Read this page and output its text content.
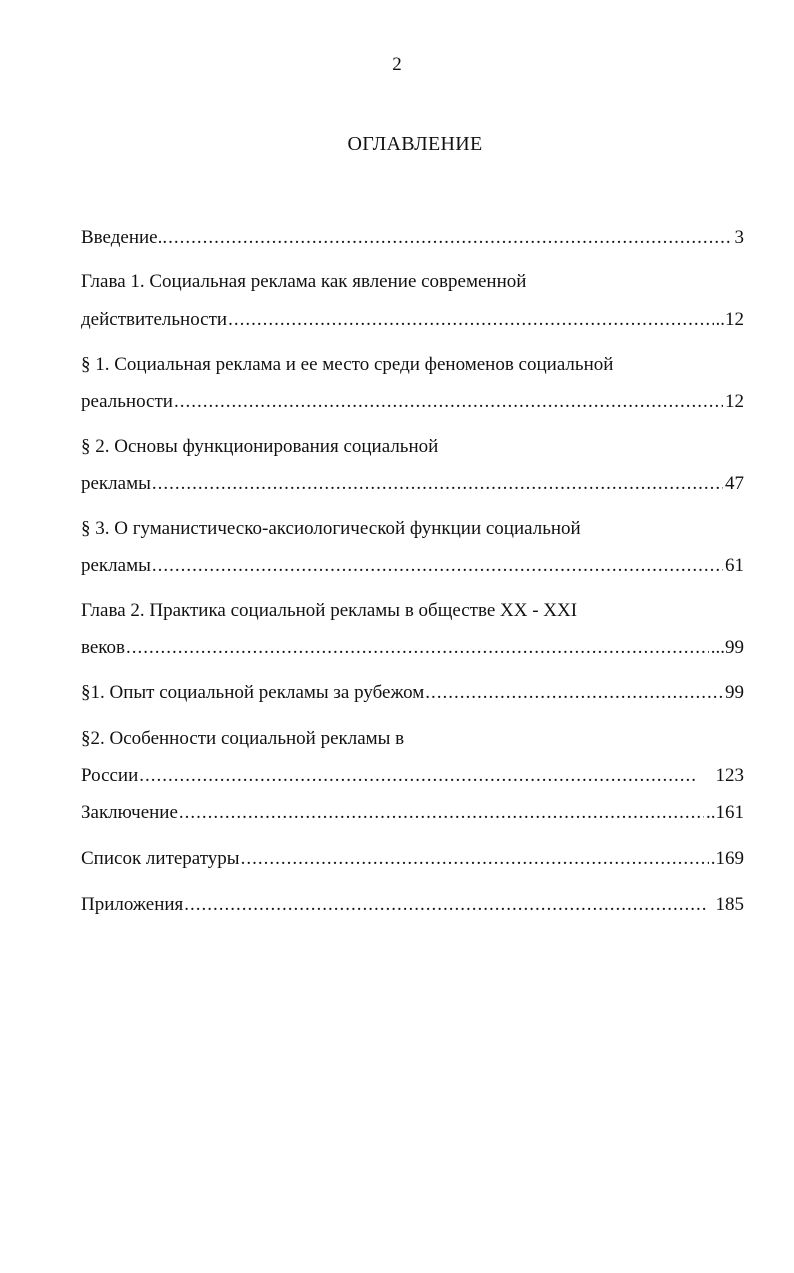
2
ОГЛАВЛЕНИЕ
Введение.. .....	3
Глава 1. Социальная реклама как явление современной
действительности .....	..12
§ 1. Социальная реклама и ее место среди феноменов социальной
реальности .....	12
§ 2. Основы функционирования социальной
рекламы .....	47
§ 3. О гуманистическо-аксиологической функции социальной
рекламы .....	61
Глава 2. Практика социальной рекламы в обществе ХХ - XXI
веков .....	...99
§1. Опыт социальной рекламы за рубежом .....	99
§2. Особенности социальной рекламы в
России .....	123
Заключение .....	..161
Список литературы .....	.169
Приложения .....	185
